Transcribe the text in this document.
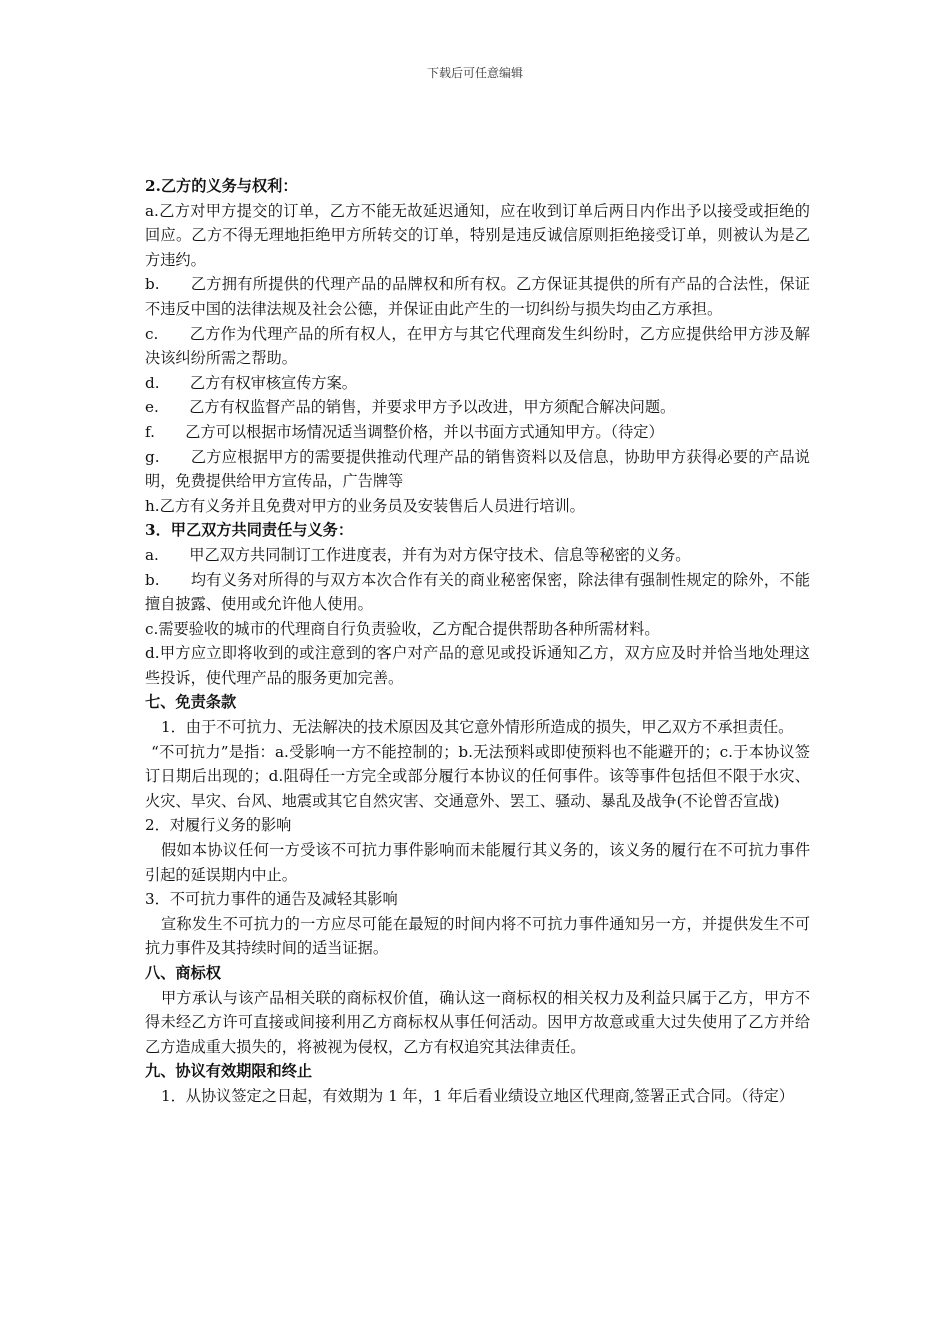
下载后可任意编辑

2.乙方的义务与权利：

a.乙方对甲方提交的订单，乙方不能无故延迟通知，应在收到订单后两日内作出予以接受或拒绝的回应。乙方不得无理地拒绝甲方所转交的订单，特别是违反诚信原则拒绝接受订单，则被认为是乙方违约。

b.　　乙方拥有所提供的代理产品的品牌权和所有权。乙方保证其提供的所有产品的合法性，保证不违反中国的法律法规及社会公德，并保证由此产生的一切纠纷与损失均由乙方承担。

c.　　乙方作为代理产品的所有权人，在甲方与其它代理商发生纠纷时，乙方应提供给甲方涉及解决该纠纷所需之帮助。

d.　　乙方有权审核宣传方案。

e.　　乙方有权监督产品的销售，并要求甲方予以改进，甲方须配合解决问题。

f.　　乙方可以根据市场情况适当调整价格，并以书面方式通知甲方。（待定）

g.　　乙方应根据甲方的需要提供推动代理产品的销售资料以及信息，协助甲方获得必要的产品说明，免费提供给甲方宣传品，广告牌等

h.乙方有义务并且免费对甲方的业务员及安装售后人员进行培训。

3．甲乙双方共同责任与义务：

a.　　甲乙双方共同制订工作进度表，并有为对方保守技术、信息等秘密的义务。

b.　　均有义务对所得的与双方本次合作有关的商业秘密保密，除法律有强制性规定的除外，不能擅自披露、使用或允许他人使用。

c.需要验收的城市的代理商自行负责验收，乙方配合提供帮助各种所需材料。

d.甲方应立即将收到的或注意到的客户对产品的意见或投诉通知乙方，双方应及时并恰当地处理这些投诉，使代理产品的服务更加完善。

七、免责条款

1．由于不可抗力、无法解决的技术原因及其它意外情形所造成的损失，甲乙双方不承担责任。

“不可抗力”是指：a.受影响一方不能控制的；b.无法预料或即使预料也不能避开的；c.于本协议签订日期后出现的；d.阻碍任一方完全或部分履行本协议的任何事件。该等事件包括但不限于水灾、火灾、旱灾、台风、地震或其它自然灾害、交通意外、罢工、骚动、暴乱及战争(不论曾否宣战)

2．对履行义务的影响

假如本协议任何一方受该不可抗力事件影响而未能履行其义务的，该义务的履行在不可抗力事件引起的延误期内中止。

3．不可抗力事件的通告及减轻其影响

宣称发生不可抗力的一方应尽可能在最短的时间内将不可抗力事件通知另一方，并提供发生不可抗力事件及其持续时间的适当证据。

八、商标权

甲方承认与该产品相关联的商标权价值，确认这一商标权的相关权力及利益只属于乙方，甲方不得未经乙方许可直接或间接利用乙方商标权从事任何活动。因甲方故意或重大过失使用了乙方并给乙方造成重大损失的，将被视为侵权，乙方有权追究其法律责任。

九、协议有效期限和终止

1．从协议签定之日起，有效期为 1 年，1 年后看业绩设立地区代理商,签署正式合同。（待定）
